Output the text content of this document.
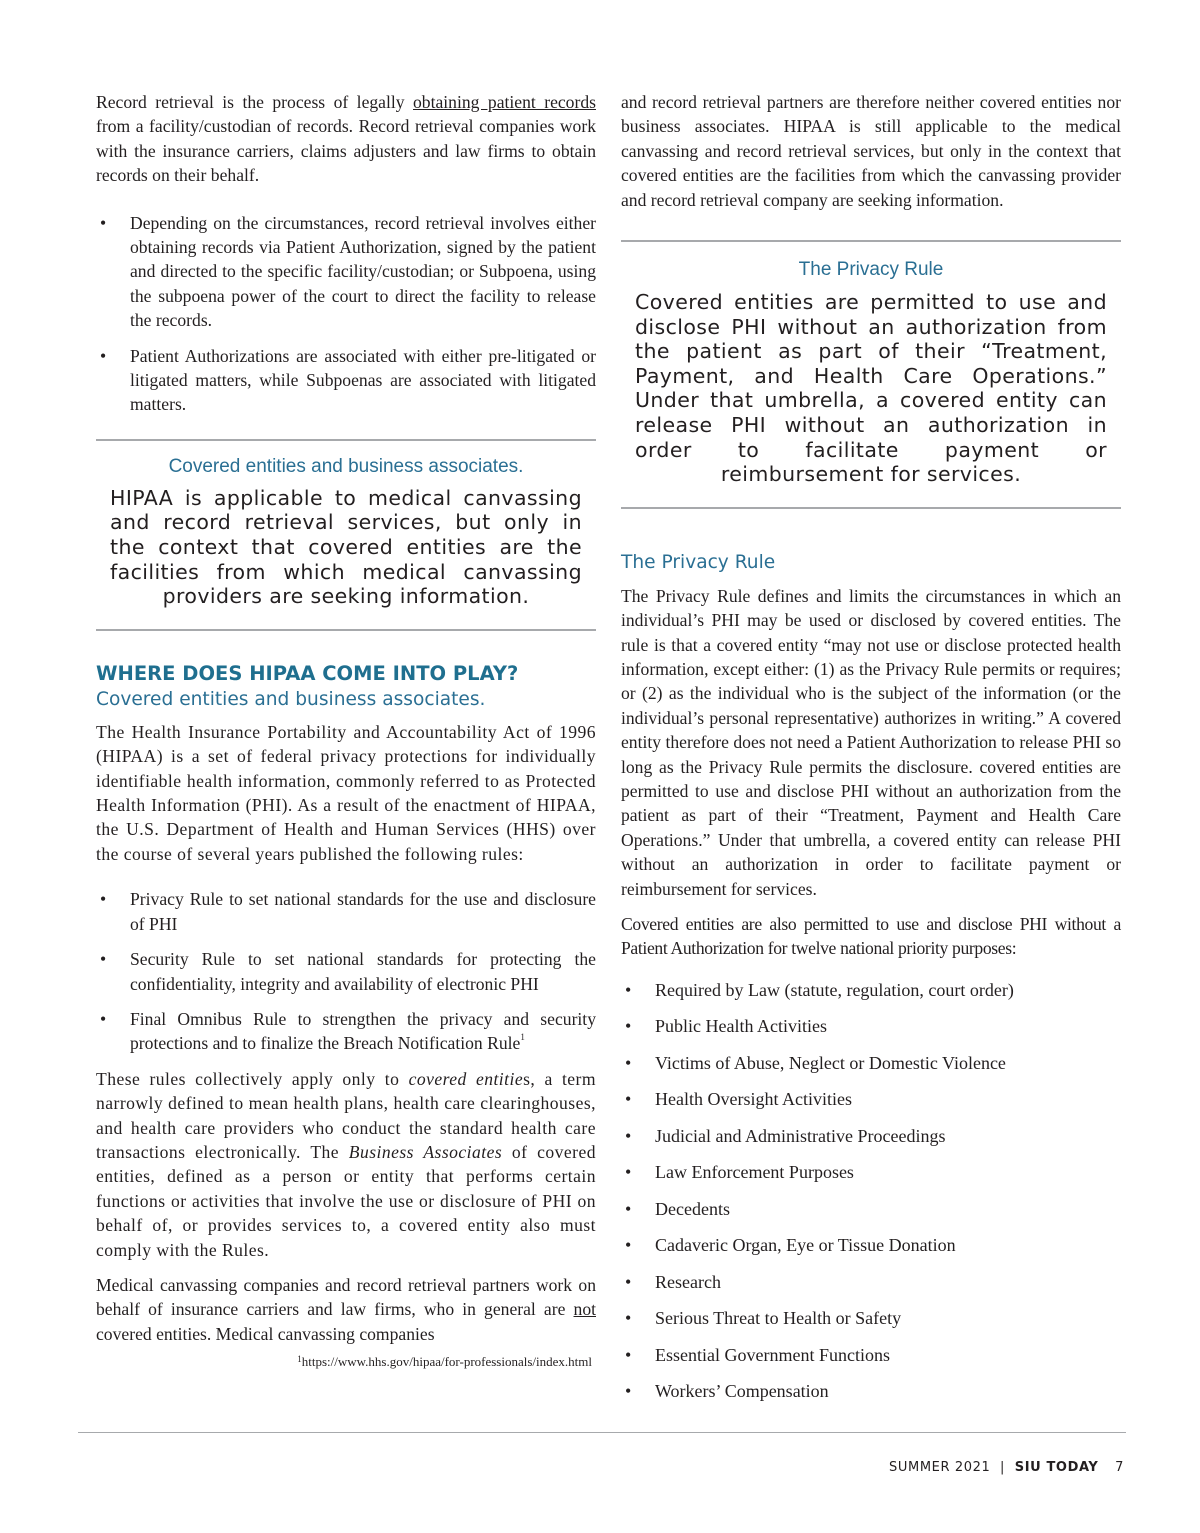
Record retrieval is the process of legally obtaining patient records from a facility/custodian of records. Record retrieval companies work with the insurance carriers, claims adjusters and law firms to obtain records on their behalf.

• Depending on the circumstances, record retrieval involves either obtaining records via Patient Authorization, signed by the patient and directed to the specific facility/custodian; or Subpoena, using the subpoena power of the court to direct the facility to release the records.
• Patient Authorizations are associated with either pre-litigated or litigated matters, while Subpoenas are associated with litigated matters.
Covered entities and business associates.
HIPAA is applicable to medical canvassing and record retrieval services, but only in the context that covered entities are the facilities from which medical canvassing providers are seeking information.
WHERE DOES HIPAA COME INTO PLAY?
Covered entities and business associates.

The Health Insurance Portability and Accountability Act of 1996 (HIPAA) is a set of federal privacy protections for individually identifiable health information, commonly referred to as Protected Health Information (PHI). As a result of the enactment of HIPAA, the U.S. Department of Health and Human Services (HHS) over the course of several years published the following rules:

• Privacy Rule to set national standards for the use and disclosure of PHI
• Security Rule to set national standards for protecting the confidentiality, integrity and availability of electronic PHI
• Final Omnibus Rule to strengthen the privacy and security protections and to finalize the Breach Notification Rule$^1$

These rules collectively apply only to covered entities, a term narrowly defined to mean health plans, health care clearinghouses, and health care providers who conduct the standard health care transactions electronically. The Business Associates of covered entities, defined as a person or entity that performs certain functions or activities that involve the use or disclosure of PHI on behalf of, or provides services to, a covered entity also must comply with the Rules.

Medical canvassing companies and record retrieval partners work on behalf of insurance carriers and law firms, who in general are not covered entities. Medical canvassing companies

$^1$https://www.hhs.gov/hipaa/for-professionals/index.html

and record retrieval partners are therefore neither covered entities nor business associates. HIPAA is still applicable to the medical canvassing and record retrieval services, but only in the context that covered entities are the facilities from which the canvassing provider and record retrieval company are seeking information.

The Privacy Rule
Covered entities are permitted to use and disclose PHI without an authorization from the patient as part of their “Treatment, Payment, and Health Care Operations.” Under that umbrella, a covered entity can release PHI without an authorization in order to facilitate payment or reimbursement for services.
The Privacy Rule

The Privacy Rule defines and limits the circumstances in which an individual’s PHI may be used or disclosed by covered entities. The rule is that a covered entity “may not use or disclose protected health information, except either: (1) as the Privacy Rule permits or requires; or (2) as the individual who is the subject of the information (or the individual’s personal representative) authorizes in writing.” A covered entity therefore does not need a Patient Authorization to release PHI so long as the Privacy Rule permits the disclosure. covered entities are permitted to use and disclose PHI without an authorization from the patient as part of their “Treatment, Payment and Health Care Operations.” Under that umbrella, a covered entity can release PHI without an authorization in order to facilitate payment or reimbursement for services.

Covered entities are also permitted to use and disclose PHI without a Patient Authorization for twelve national priority purposes:

• Required by Law (statute, regulation, court order)
• Public Health Activities
• Victims of Abuse, Neglect or Domestic Violence
• Health Oversight Activities
• Judicial and Administrative Proceedings
• Law Enforcement Purposes
• Decedents
• Cadaveric Organ, Eye or Tissue Donation
• Research
• Serious Threat to Health or Safety
• Essential Government Functions
• Workers’ Compensation
SUMMER 2021 | SIU TODAY 7
